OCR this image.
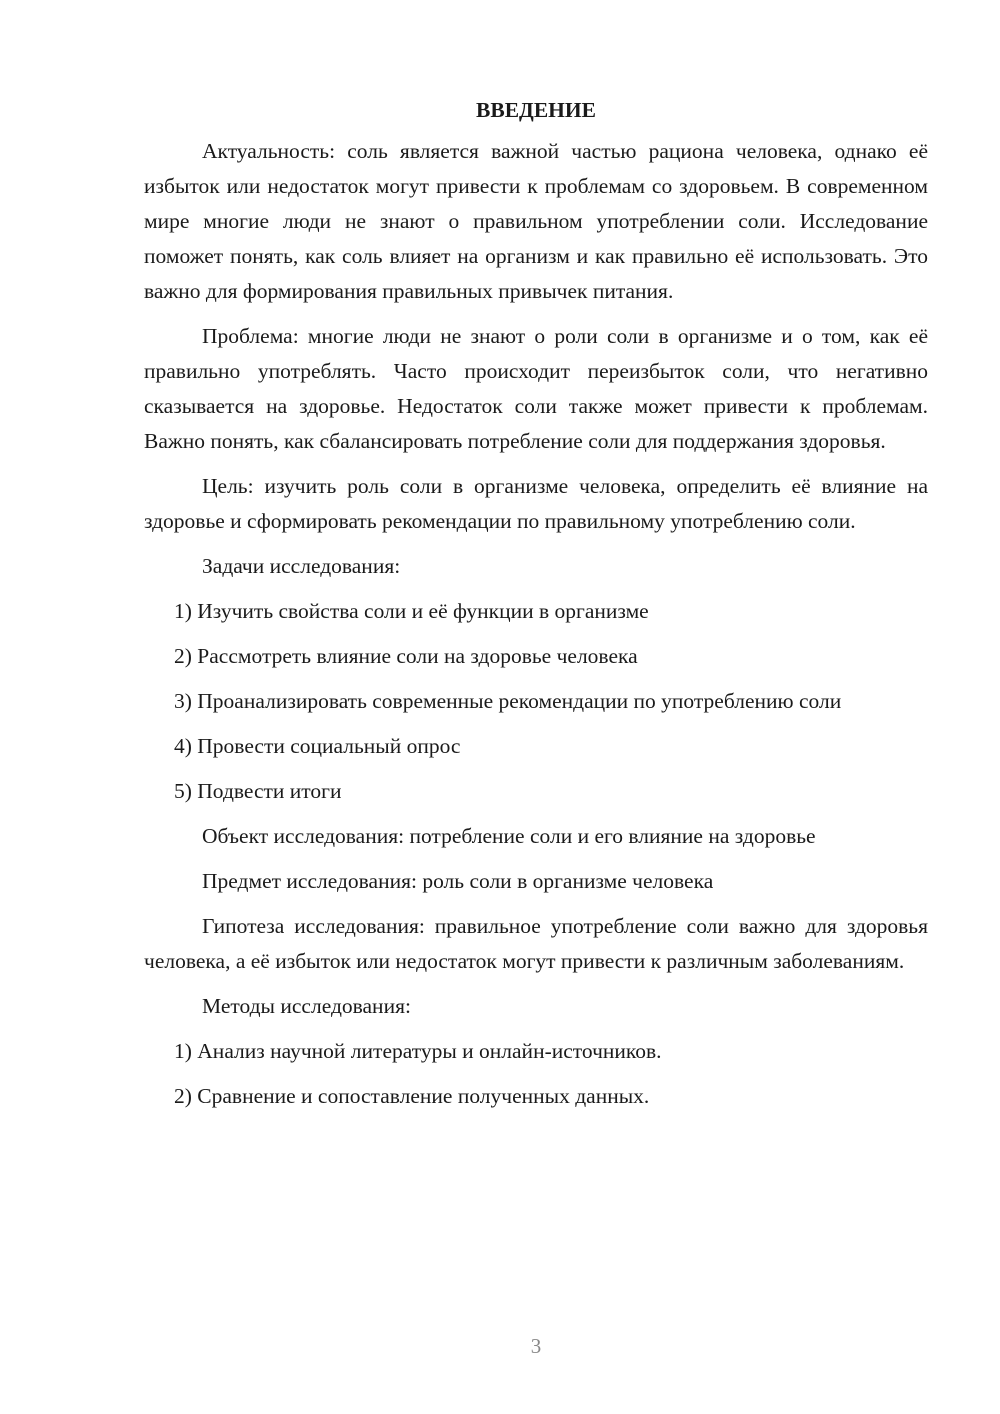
ВВЕДЕНИЕ

Актуальность: соль является важной частью рациона человека, однако её избыток или недостаток могут привести к проблемам со здоровьем. В современном мире многие люди не знают о правильном употреблении соли. Исследование поможет понять, как соль влияет на организм и как правильно её использовать. Это важно для формирования правильных привычек питания.

Проблема: многие люди не знают о роли соли в организме и о том, как её правильно употреблять. Часто происходит переизбыток соли, что негативно сказывается на здоровье. Недостаток соли также может привести к проблемам. Важно понять, как сбалансировать потребление соли для поддержания здоровья.

Цель: изучить роль соли в организме человека, определить её влияние на здоровье и сформировать рекомендации по правильному употреблению соли.

Задачи исследования:

1) Изучить свойства соли и её функции в организме

2) Рассмотреть влияние соли на здоровье человека

3) Проанализировать современные рекомендации по употреблению соли

4) Провести социальный опрос

5) Подвести итоги

Объект исследования: потребление соли и его влияние на здоровье

Предмет исследования: роль соли в организме человека

Гипотеза исследования: правильное употребление соли важно для здоровья человека, а её избыток или недостаток могут привести к различным заболеваниям.

Методы исследования:

1) Анализ научной литературы и онлайн-источников.

2) Сравнение и сопоставление полученных данных.

3
